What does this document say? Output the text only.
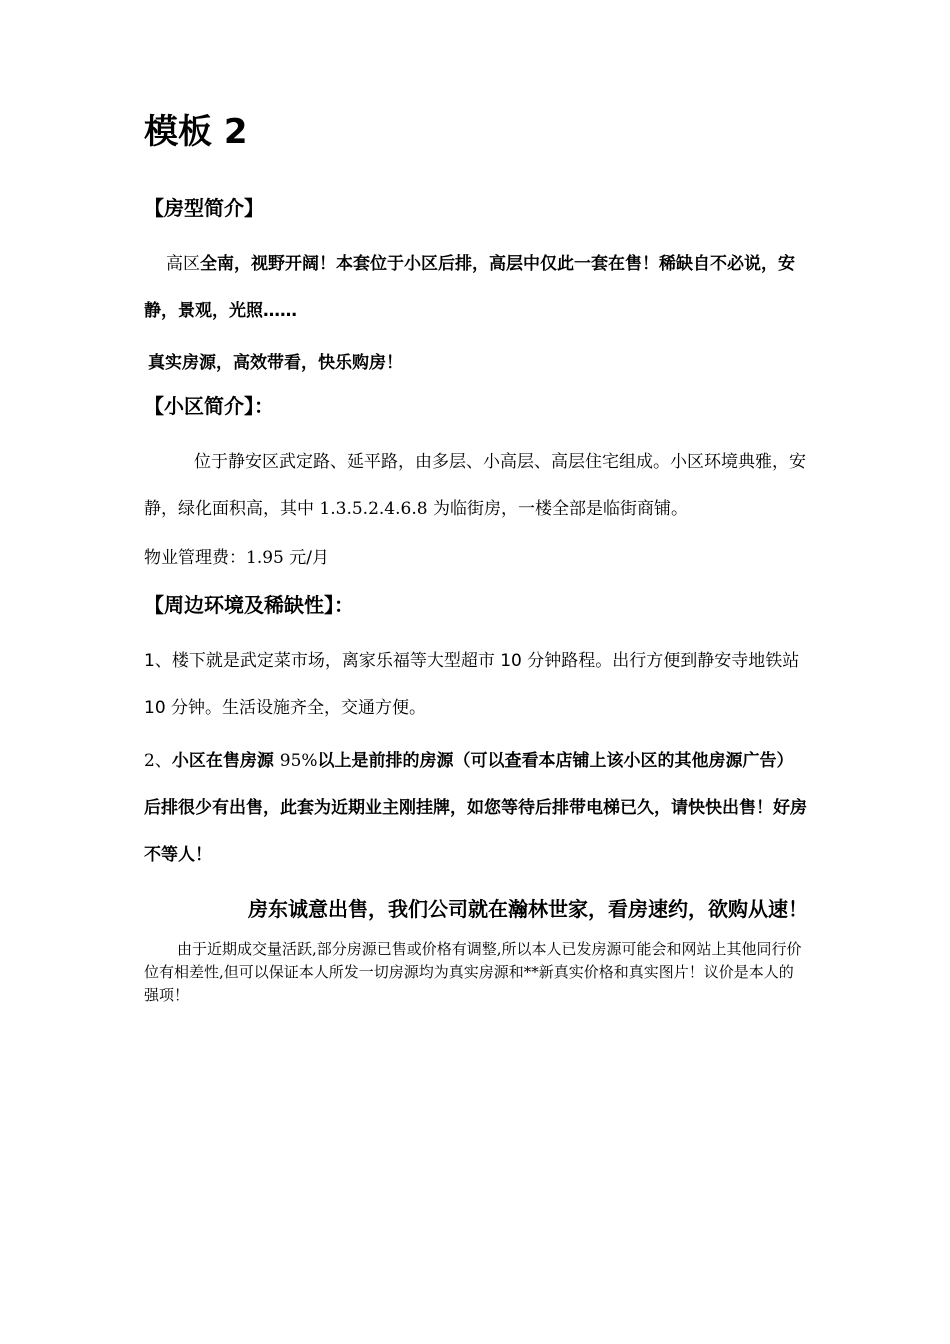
模板 2
【房型简介】

高区全南，视野开阔！本套位于小区后排，高层中仅此一套在售！稀缺自不必说，安静，景观，光照……

真实房源，高效带看，快乐购房！

【小区简介】：

位于静安区武定路、延平路，由多层、小高层、高层住宅组成。小区环境典雅，安静，绿化面积高，其中 1.3.5.2.4.6.8 为临街房，一楼全部是临街商铺。

物业管理费：1.95 元/月

【周边环境及稀缺性】：

1、楼下就是武定菜市场，离家乐福等大型超市 10 分钟路程。出行方便到静安寺地铁站 10 分钟。生活设施齐全，交通方便。

2、小区在售房源 95%以上是前排的房源（可以查看本店铺上该小区的其他房源广告）后排很少有出售，此套为近期业主刚挂牌，如您等待后排带电梯已久，请快快出售！好房不等人！

房东诚意出售，我们公司就在瀚林世家，看房速约，欲购从速！

由于近期成交量活跃,部分房源已售或价格有调整,所以本人已发房源可能会和网站上其他同行价位有相差性,但可以保证本人所发一切房源均为真实房源和**新真实价格和真实图片！议价是本人的强项！
